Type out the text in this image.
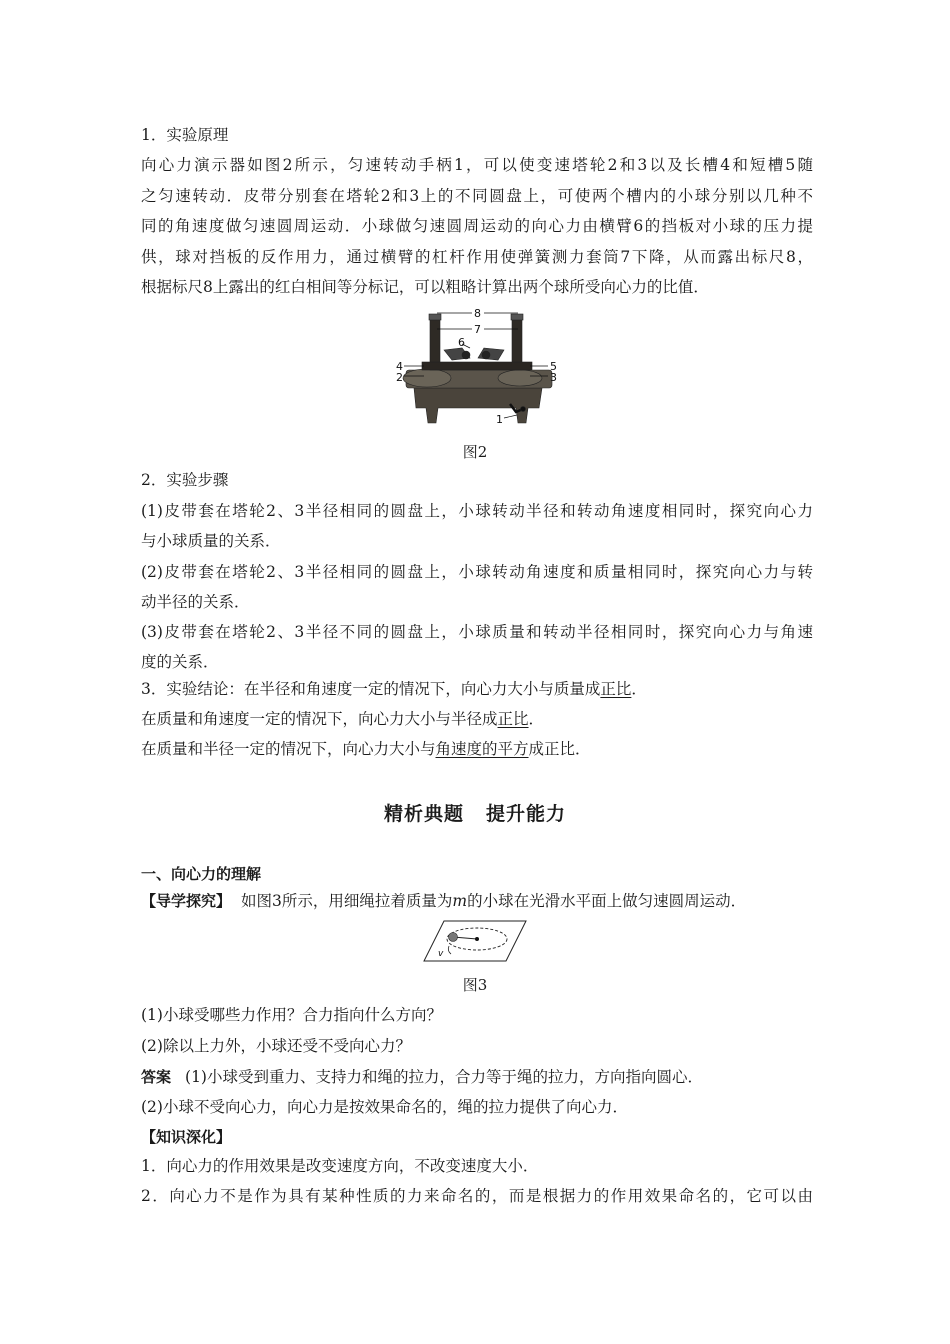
1．实验原理
向心力演示器如图2所示，匀速转动手柄1，可以使变速塔轮2和3以及长槽4和短槽5随
之匀速转动．皮带分别套在塔轮2和3上的不同圆盘上，可使两个槽内的小球分别以几种不
同的角速度做匀速圆周运动．小球做匀速圆周运动的向心力由横臂6的挡板对小球的压力提
供，球对挡板的反作用力，通过横臂的杠杆作用使弹簧测力套筒7下降，从而露出标尺8，
根据标尺8上露出的红白相间等分标记，可以粗略计算出两个球所受向心力的比值．
8
7
6
4
2
5
3
1
图2
2．实验步骤
(1)皮带套在塔轮2、3半径相同的圆盘上，小球转动半径和转动角速度相同时，探究向心力
与小球质量的关系．
(2)皮带套在塔轮2、3半径相同的圆盘上，小球转动角速度和质量相同时，探究向心力与转
动半径的关系．
(3)皮带套在塔轮2、3半径不同的圆盘上，小球质量和转动半径相同时，探究向心力与角速
度的关系．
3．实验结论：在半径和角速度一定的情况下，向心力大小与质量成正比．
在质量和角速度一定的情况下，向心力大小与半径成正比．
在质量和半径一定的情况下，向心力大小与角速度的平方成正比．
精析典题 提升能力
一、向心力的理解
【导学探究】 如图3所示，用细绳拉着质量为m的小球在光滑水平面上做匀速圆周运动．
v
图3
(1)小球受哪些力作用？合力指向什么方向？
(2)除以上力外，小球还受不受向心力？
答案 (1)小球受到重力、支持力和绳的拉力，合力等于绳的拉力，方向指向圆心．
(2)小球不受向心力，向心力是按效果命名的，绳的拉力提供了向心力．
【知识深化】
1．向心力的作用效果是改变速度方向，不改变速度大小．
2．向心力不是作为具有某种性质的力来命名的，而是根据力的作用效果命名的，它可以由
